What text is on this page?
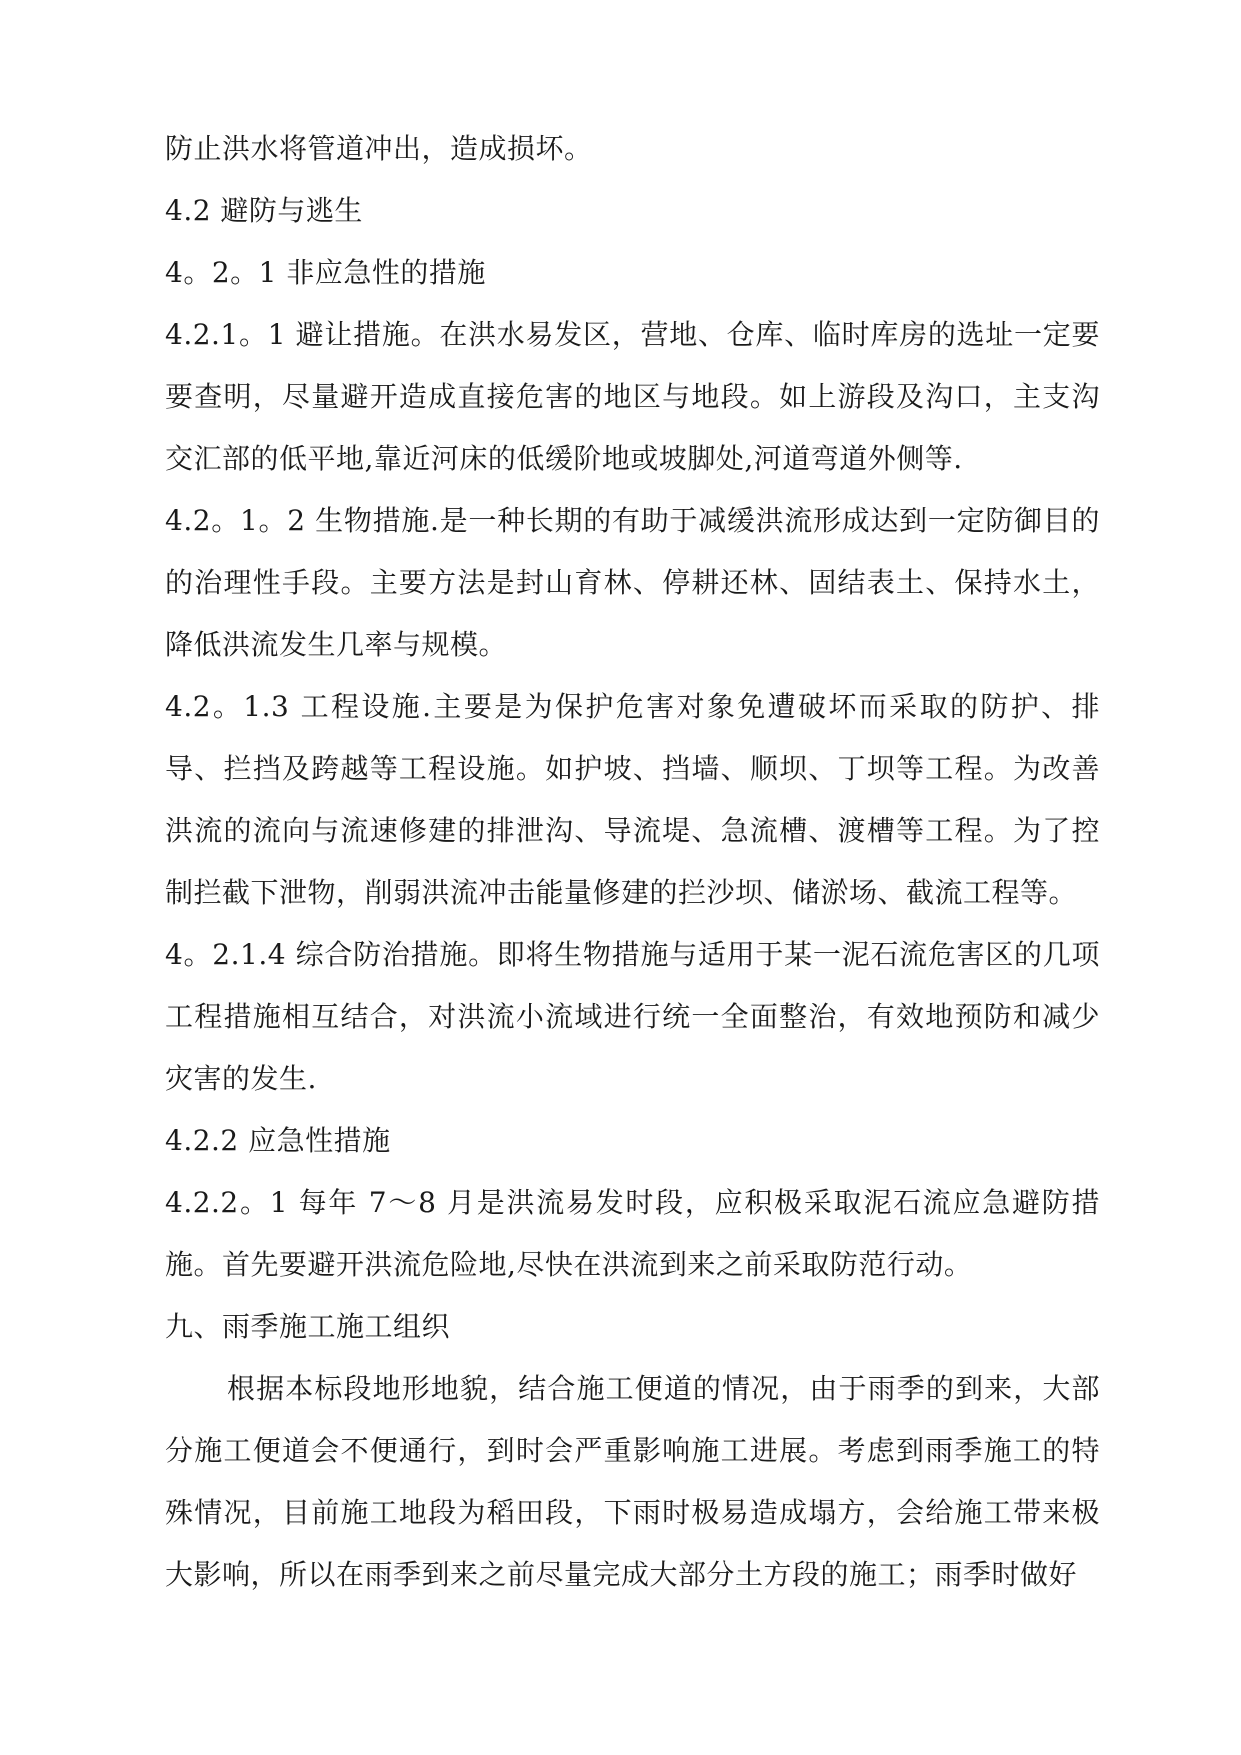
防止洪水将管道冲出，造成损坏。

4.2 避防与逃生

4。2。1 非应急性的措施

4.2.1。1 避让措施。在洪水易发区，营地、仓库、临时库房的选址一定要要查明，尽量避开造成直接危害的地区与地段。如上游段及沟口，主支沟交汇部的低平地,靠近河床的低缓阶地或坡脚处,河道弯道外侧等.

4.2。1。2 生物措施.是一种长期的有助于减缓洪流形成达到一定防御目的的治理性手段。主要方法是封山育林、停耕还林、固结表土、保持水土，降低洪流发生几率与规模。

4.2。1.3 工程设施.主要是为保护危害对象免遭破坏而采取的防护、排导、拦挡及跨越等工程设施。如护坡、挡墙、顺坝、丁坝等工程。为改善洪流的流向与流速修建的排泄沟、导流堤、急流槽、渡槽等工程。为了控制拦截下泄物，削弱洪流冲击能量修建的拦沙坝、储淤场、截流工程等。

4。2.1.4 综合防治措施。即将生物措施与适用于某一泥石流危害区的几项工程措施相互结合，对洪流小流域进行统一全面整治，有效地预防和减少灾害的发生.

4.2.2 应急性措施

4.2.2。1 每年 7～8 月是洪流易发时段，应积极采取泥石流应急避防措施。首先要避开洪流危险地,尽快在洪流到来之前采取防范行动。

九、雨季施工施工组织

根据本标段地形地貌，结合施工便道的情况，由于雨季的到来，大部分施工便道会不便通行，到时会严重影响施工进展。考虑到雨季施工的特殊情况，目前施工地段为稻田段，下雨时极易造成塌方，会给施工带来极大影响，所以在雨季到来之前尽量完成大部分土方段的施工；雨季时做好
